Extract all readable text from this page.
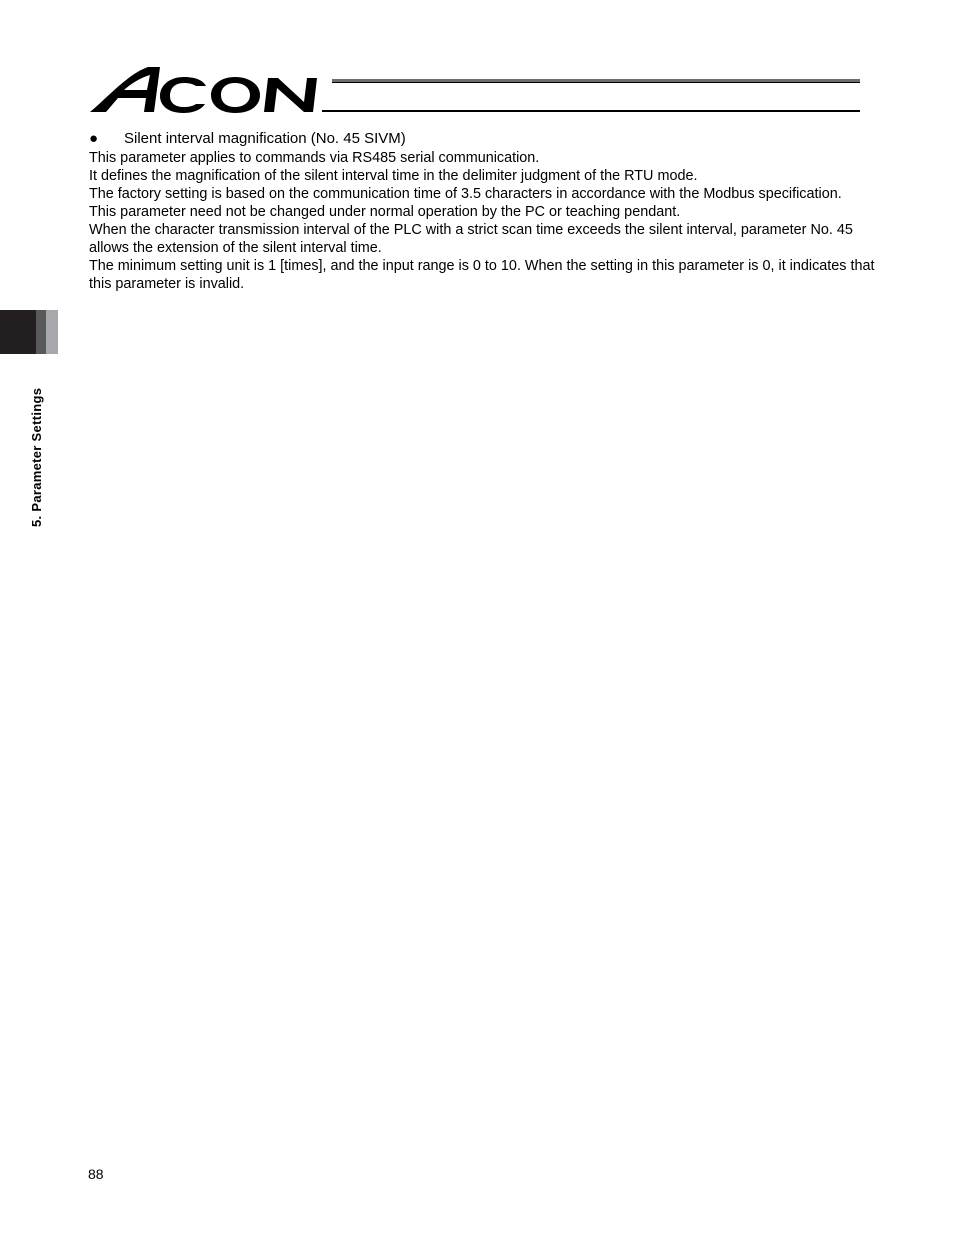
● Silent interval magnification (No. 45 SIVM)

This parameter applies to commands via RS485 serial communication.

It defines the magnification of the silent interval time in the delimiter judgment of the RTU mode.

The factory setting is based on the communication time of 3.5 characters in accordance with the Modbus specification.

This parameter need not be changed under normal operation by the PC or teaching pendant.

When the character transmission interval of the PLC with a strict scan time exceeds the silent interval, parameter No. 45 allows the extension of the silent interval time.

The minimum setting unit is 1 [times], and the input range is 0 to 10. When the setting in this parameter is 0, it indicates that this parameter is invalid.

5. Parameter Settings
88
